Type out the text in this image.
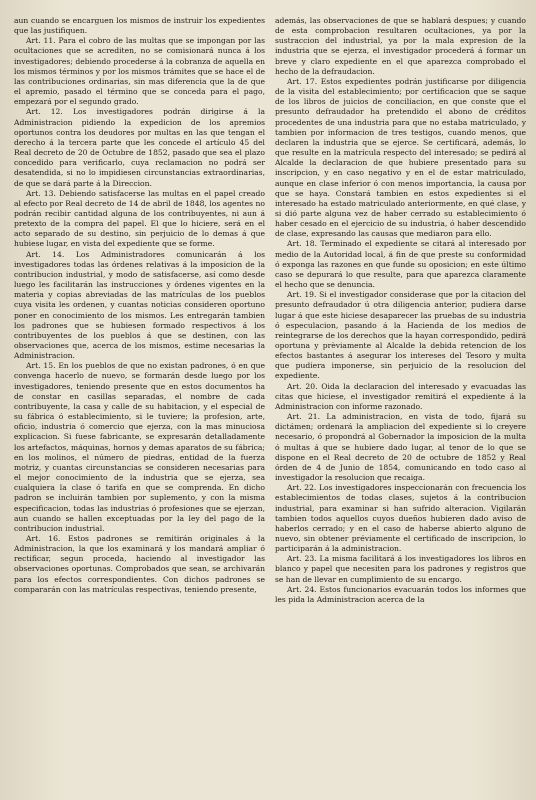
aun cuando se encarguen los mismos de instruir los expedientes que las justifiquen.

Art. 11. Para el cobro de las multas que se impongan por las ocultaciones que se acrediten, no se comisionará nunca á los investigadores; debiendo procederse á la cobranza de aquella en los mismos términos y por los mismos trámites que se hace el de las contribuciones ordinarias, sin mas diferencia que la de que el apremio, pasado el término que se conceda para el pago, empezará por el segundo grado.

Art. 12. Los investigadores podrán dirigirse á la Administracion pidiendo la expedicion de los apremios oportunos contra los deudores por multas en las que tengan el derecho á la tercera parte que les concede el artículo 45 del Real decreto de 20 de Octubre de 1852, pasado que sea el plazo concedido para verificarlo, cuya reclamacion no podrá ser desatendida, si no lo impidiesen circunstancias extraordinarias, de que se dará parte á la Direccion.

Art. 13. Debiendo satisfacerse las multas en el papel creado al efecto por Real decreto de 14 de abril de 1848, los agentes no podrán recibir cantidad alguna de los contribuyentes, ni aun á pretexto de la compra del papel. El que lo hiciere, será en el acto separado de su destino, sin perjuicio de lo demas á que hubiese lugar, en vista del expediente que se forme.

Art. 14. Los Administradores comunicarán á los investigadores todas las órdenes relativas á la imposicion de la contribucion industrial, y modo de satisfacerse, así como desde luego les facilitarán las instrucciones y órdenes vigentes en la materia y copias abreviadas de las matrículas de los pueblos cuya visita les ordenen, y cuantas noticias consideren oportuno poner en conocimiento de los mismos. Les entregarán tambien los padrones que se hubiesen formado respectivos á los contribuyentes de los pueblos á que se destinen, con las observaciones que, acerca de los mismos, estime necesarias la Administracion.

Art. 15. En los pueblos de que no existan padrones, ó en que convenga hacerlo de nuevo, se formarán desde luego por los investigadores, teniendo presente que en estos documentos ha de constar en casillas separadas, el nombre de cada contribuyente, la casa y calle de su habitacion, y el especial de su fábrica ó establecimiento, si le tuviere; la profesion, arte, oficio, industria ó comercio que ejerza, con la mas minuciosa explicacion. Si fuese fabricante, se expresarán detalladamente los artefactos, máquinas, hornos y demas aparatos de su fábrica; en los molinos, el número de piedras, entidad de la fuerza motriz, y cuantas circunstancias se consideren necesarias para el mejor conocimiento de la industria que se ejerza, sea cualquiera la clase ó tarifa en que se comprenda. En dicho padron se incluirán tambien por suplemento, y con la misma especificacion, todas las industrias ó profesiones que se ejerzan, aun cuando se hallen exceptuadas por la ley del pago de la contribucion industrial.

Art. 16. Estos padrones se remitirán originales á la Administracion, la que los examinará y los mandará ampliar ó rectificar, segun proceda, haciendo al investigador las observaciones oportunas. Comprobados que sean, se archivarán para los efectos correspondientes. Con dichos padrones se compararán con las matrículas respectivas, teniendo presente,

además, las observaciones de que se hablará despues; y cuando de esta comprobacion resultaren ocultaciones, ya por la sustraccion del industrial, ya por la mala expresion de la industria que se ejerza, el investigador procederá á formar un breve y claro expediente en el que aparezca comprobado el hecho de la defraudacion.

Art. 17. Estos expedientes podrán justificarse por diligencia de la visita del establecimiento; por certificacion que se saque de los libros de juicios de conciliacion, en que conste que el presunto defraudador ha pretendido el abono de créditos procedentes de una industria para que no estaba matriculado, y tambien por informacion de tres testigos, cuando menos, que declaren la industria que se ejerce. Se certificará, además, lo que resulte en la matrícula respecto del interesado; se pedirá al Alcalde la declaracion de que hubiere presentado para su inscripcion, y en caso negativo y en el de estar matriculado, aunque en clase inferior ó con menos importancia, la causa por que se haya. Constará tambien en estos expedientes si el interesado ha estado matriculado anteriormente, en qué clase, y si dió parte alguna vez de haber cerrado su establecimiento ó haber cesado en el ejercicio de su industria, ó haber descendido de clase, expresando las causas que mediaron para ello.

Art. 18. Terminado el expediente se citará al interesado por medio de la Autoridad local, á fin de que preste su conformidad ó exponga las razones en que funde su oposicion; en este último caso se depurará lo que resulte, para que aparezca claramente el hecho que se denuncia.

Art. 19. Si el investigador considerase que por la citacion del presunto defraudador ú otra diligencia anterior, pudiera darse lugar á que este hiciese desaparecer las pruebas de su industria ó especulacion, pasando á la Hacienda de los medios de reintegrarse de los derechos que la hayan correspondido, pedirá oportuna y prèviamente al Alcalde la debida retencion de los efectos bastantes á asegurar los intereses del Tesoro y multa que pudiera imponerse, sin perjuicio de la resolucion del expediente.

Art. 20. Oida la declaracion del interesado y evacuadas las citas que hiciese, el investigador remitirá el expediente á la Administracion con informe razonado.

Art. 21. La administracion, en vista de todo, fijará su dictámen; ordenará la ampliacion del expediente si lo creyere necesario, ó propondrá al Gobernador la imposicion de la multa ó multas á que se hubiere dado lugar, al tenor de lo que se dispone en el Real decreto de 20 de octubre de 1852 y Real órden de 4 de Junio de 1854, comunicando en todo caso al investigador la resolucion que recaiga.

Art. 22. Los investigadores inspeccionarán con frecuencia los establecimientos de todas clases, sujetos á la contribucion industrial, para examinar si han sufrido alteracion. Vigilarán tambien todos aquellos cuyos dueños hubieren dado aviso de haberlos cerrado; y en el caso de haberse abierto alguno de nuevo, sin obtener préviamente el certificado de inscripcion, lo participarán á la administracion.

Art. 23. La misma facilitará á los investigadores los libros en blanco y papel que necesiten para los padrones y registros que se han de llevar en cumplimiento de su encargo.

Art. 24. Estos funcionarios evacuarán todos los informes que les pida la Administracion acerca de la
